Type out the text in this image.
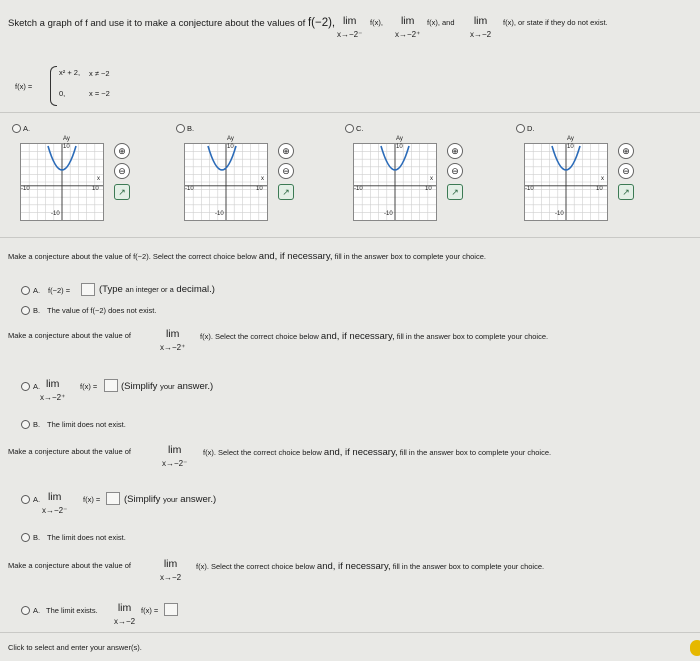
Sketch a graph of f and use it to make a conjecture about the values of f(−2), lim
x→−2⁻
f(x),	lim
x→−2⁺
f(x), and	lim
x→−2
f(x), or state if they do not exist.
f(x) =
x² + 2, x ≠ −2
0,	x = −2
A.
10
-10	10
-10
Ay
x
⊕
⊖
↗
B.
10
-10	10
-10
Ay
x
⊕
⊖
↗
C.
10
-10	10
-10
Ay
x
⊕
⊖
↗
D.
10
-10	10
-10
Ay
x
⊕
⊖
↗
Make a conjecture about the value of f(−2). Select the correct choice below and, if necessary, fill in the answer box to complete your choice.
A. f(−2) =	(Type an integer or a decimal.)
B. The value of f(−2) does not exist.
Make a conjecture about the value of	lim
x→−2⁺
f(x). Select the correct choice below and, if necessary, fill in the answer box to complete your choice.
A. lim
x→−2⁺
f(x) = (Simplify your answer.)
B. The limit does not exist.
Make a conjecture about the value of	lim
x→−2⁻
f(x). Select the correct choice below and, if necessary, fill in the answer box to complete your choice.
A. lim
x→−2⁻
f(x) = (Simplify your answer.)
B. The limit does not exist.
Make a conjecture about the value of	lim
x→−2
f(x). Select the correct choice below and, if necessary, fill in the answer box to complete your choice.
A. The limit exists.	lim
x→−2
f(x) =
Click to select and enter your answer(s).
